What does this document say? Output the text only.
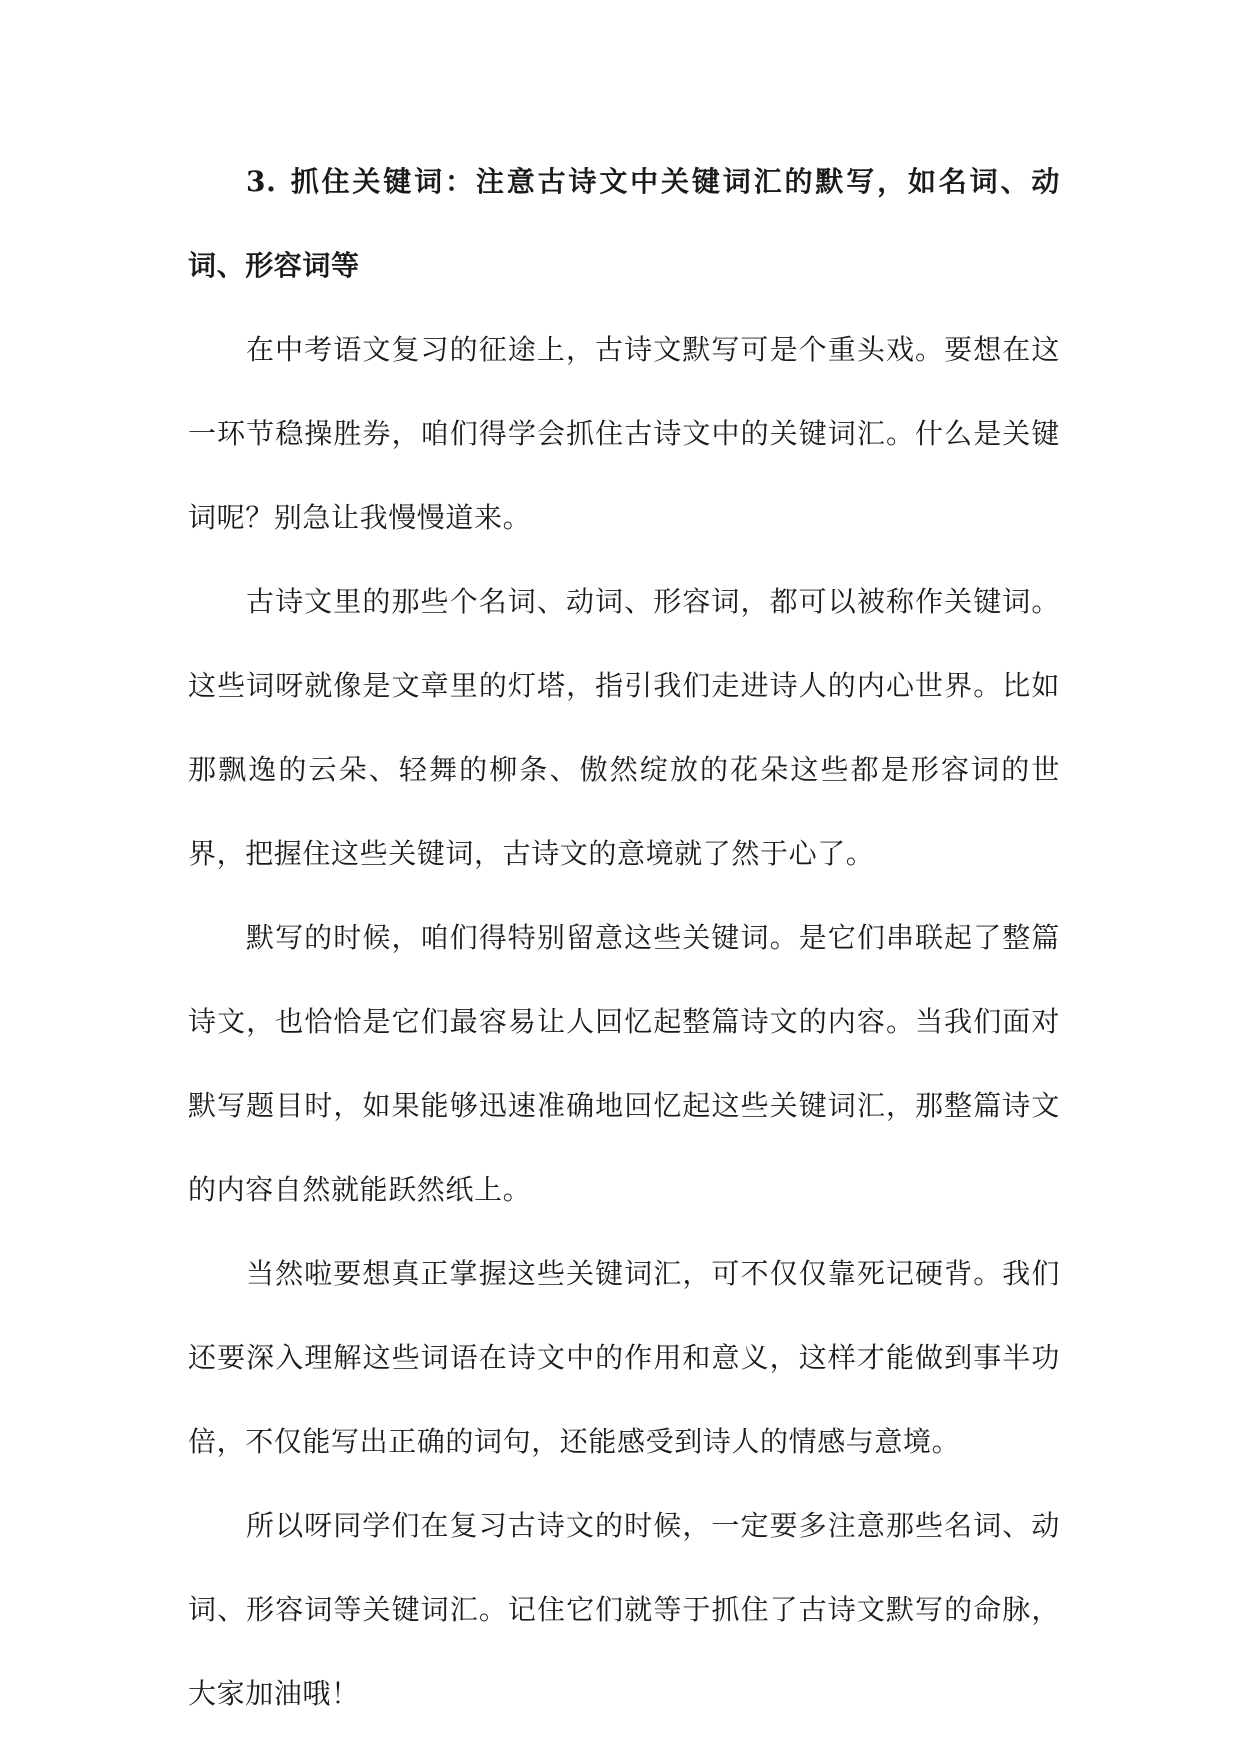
3. 抓住关键词：注意古诗文中关键词汇的默写，如名词、动词、形容词等

在中考语文复习的征途上，古诗文默写可是个重头戏。要想在这一环节稳操胜券，咱们得学会抓住古诗文中的关键词汇。什么是关键词呢？别急让我慢慢道来。

古诗文里的那些个名词、动词、形容词，都可以被称作关键词。这些词呀就像是文章里的灯塔，指引我们走进诗人的内心世界。比如那飘逸的云朵、轻舞的柳条、傲然绽放的花朵这些都是形容词的世界，把握住这些关键词，古诗文的意境就了然于心了。

默写的时候，咱们得特别留意这些关键词。是它们串联起了整篇诗文，也恰恰是它们最容易让人回忆起整篇诗文的内容。当我们面对默写题目时，如果能够迅速准确地回忆起这些关键词汇，那整篇诗文的内容自然就能跃然纸上。

当然啦要想真正掌握这些关键词汇，可不仅仅靠死记硬背。我们还要深入理解这些词语在诗文中的作用和意义，这样才能做到事半功倍，不仅能写出正确的词句，还能感受到诗人的情感与意境。

所以呀同学们在复习古诗文的时候，一定要多注意那些名词、动词、形容词等关键词汇。记住它们就等于抓住了古诗文默写的命脉，大家加油哦！
